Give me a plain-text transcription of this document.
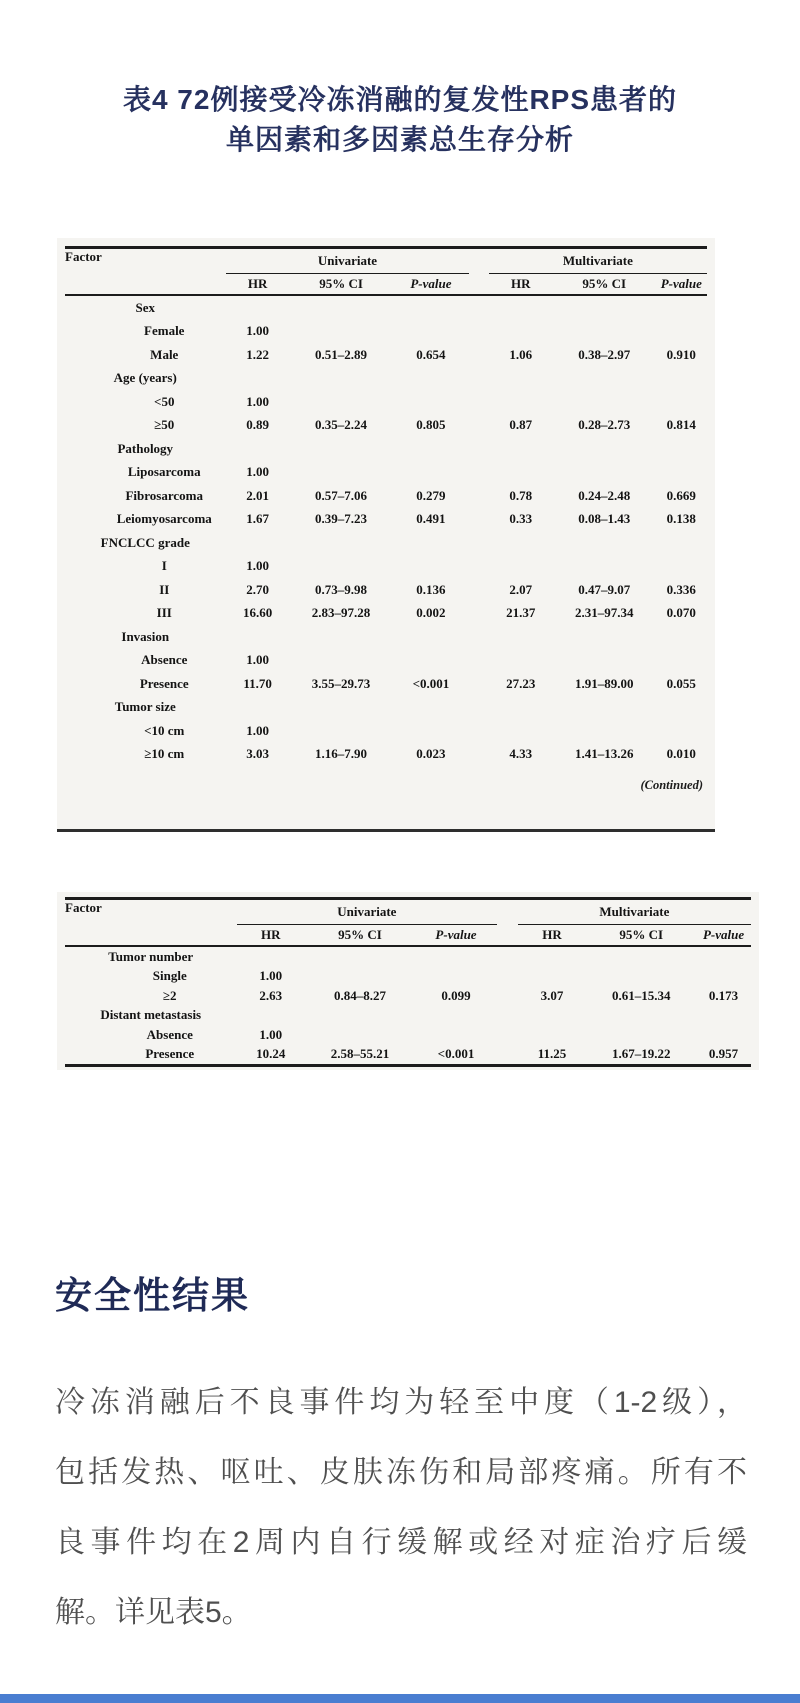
表4 72例接受冷冻消融的复发性RPS患者的
单因素和多因素总生存分析
Factor	Univariate				Multivariate		
	HR	95% CI	P-value		HR	95% CI	P-value
Sex							
Female	1.00						
Male	1.22	0.51–2.89	0.654		1.06	0.38–2.97	0.910
Age (years)							
<50	1.00						
≥50	0.89	0.35–2.24	0.805		0.87	0.28–2.73	0.814
Pathology							
Liposarcoma	1.00						
Fibrosarcoma	2.01	0.57–7.06	0.279		0.78	0.24–2.48	0.669
Leiomyosarcoma	1.67	0.39–7.23	0.491		0.33	0.08–1.43	0.138
FNCLCC grade							
I	1.00						
II	2.70	0.73–9.98	0.136		2.07	0.47–9.07	0.336
III	16.60	2.83–97.28	0.002		21.37	2.31–97.34	0.070
Invasion							
Absence	1.00						
Presence	11.70	3.55–29.73	<0.001		27.23	1.91–89.00	0.055
Tumor size							
<10 cm	1.00						
≥10 cm	3.03	1.16–7.90	0.023		4.33	1.41–13.26	0.010
(Continued)
Factor	Univariate				Multivariate		
	HR	95% CI	P-value		HR	95% CI	P-value
Tumor number							
Single	1.00						
≥2	2.63	0.84–8.27	0.099		3.07	0.61–15.34	0.173
Distant metastasis							
Absence	1.00						
Presence	10.24	2.58–55.21	<0.001		11.25	1.67–19.22	0.957
安全性结果
冷冻消融后不良事件均为轻至中度（1-2级），
包括发热、呕吐、皮肤冻伤和局部疼痛。所有不
良事件均在2周内自行缓解或经对症治疗后缓
解。详见表5。
